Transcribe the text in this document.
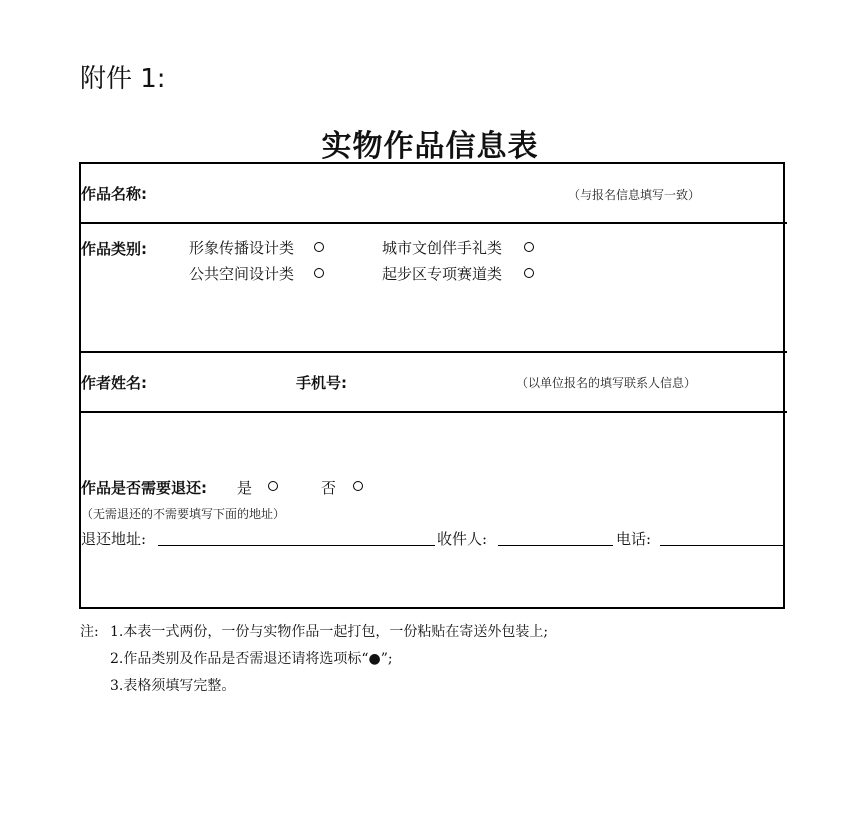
附件 1:
实物作品信息表
作品名称:	（与报名信息填写一致）
作品类别:	形象传播设计类	城市文创伴手礼类
公共空间设计类	起步区专项赛道类
作者姓名:	手机号:	（以单位报名的填写联系人信息）
作品是否需要退还: 是	否
（无需退还的不需要填写下面的地址）
退还地址:	收件人:	电话:
注: 1.本表一式两份，一份与实物作品一起打包，一份粘贴在寄送外包装上;
2.作品类别及作品是否需退还请将选项标“●”;
3.表格须填写完整。
